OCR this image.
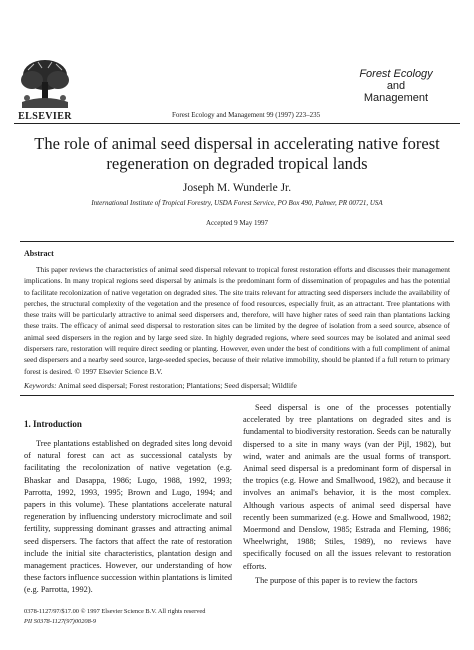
ELSEVIER	Forest Ecology and Management 99 (1997) 223–235
Forest Ecology
and
Management
The role of animal seed dispersal in accelerating native forest
regeneration on degraded tropical lands
Joseph M. Wunderle Jr.
International Institute of Tropical Forestry, USDA Forest Service, PO Box 490, Palmer, PR 00721, USA
Accepted 9 May 1997
Abstract
This paper reviews the characteristics of animal seed dispersal relevant to tropical forest restoration efforts and discusses their management implications. In many tropical regions seed dispersal by animals is the predominant form of dissemination of propagules and has the potential to facilitate recolonization of native vegetation on degraded sites. The site traits relevant for attracting seed dispersers include the availability of perches, the structural complexity of the vegetation and the presence of food resources, especially fruit, as an attractant. Tree plantations with these traits will be particularly attractive to animal seed dispersers and, therefore, will have higher rates of seed rain than plantations lacking these traits. The efficacy of animal seed dispersal to restoration sites can be limited by the degree of isolation from a seed source, absence of animal seed dispersers in the region and by large seed size. In highly degraded regions, where seed sources may be isolated and animal seed dispersers rare, restoration will require direct seeding or planting. However, even under the best of conditions with a full compliment of animal seed dispersers and a nearby seed source, large-seeded species, because of their relative immobility, should be planted if a full return to primary forest is desired. © 1997 Elsevier Science B.V.
Keywords: Animal seed dispersal; Forest restoration; Plantations; Seed dispersal; Wildlife
1. Introduction

Tree plantations established on degraded sites long devoid of natural forest can act as successional catalysts by facilitating the recolonization of native vegetation (e.g. Bhaskar and Dasappa, 1986; Lugo, 1988, 1992, 1993; Parrotta, 1992, 1993, 1995; Brown and Lugo, 1994; and papers in this volume). These plantations accelerate natural regeneration by influencing understory microclimate and soil fertility, suppressing dominant grasses and attracting animal seed dispersers. The factors that affect the rate of restoration include the initial site characteristics, plantation design and management practices. However, our understanding of how these factors influence succession within plantations is limited (e.g. Parrotta, 1992).

Seed dispersal is one of the processes potentially accelerated by tree plantations on degraded sites and is fundamental to biodiversity restoration. Seeds can be naturally dispersed to a site in many ways (van der Pijl, 1982), but wind, water and animals are the usual forms of transport. Animal seed dispersal is a predominant form of dispersal in the tropics (e.g. Howe and Smallwood, 1982), and because it involves an animal's behavior, it is the most complex. Although various aspects of animal seed dispersal have recently been summarized (e.g. Howe and Smallwood, 1982; Moermond and Denslow, 1985; Estrada and Fleming, 1986; Wheelwright, 1988; Stiles, 1989), no reviews have specifically focused on all the issues relevant to restoration efforts.

The purpose of this paper is to review the factors

0378-1127/97/$17.00 © 1997 Elsevier Science B.V. All rights reserved
PII S0378-1127(97)00208-9
